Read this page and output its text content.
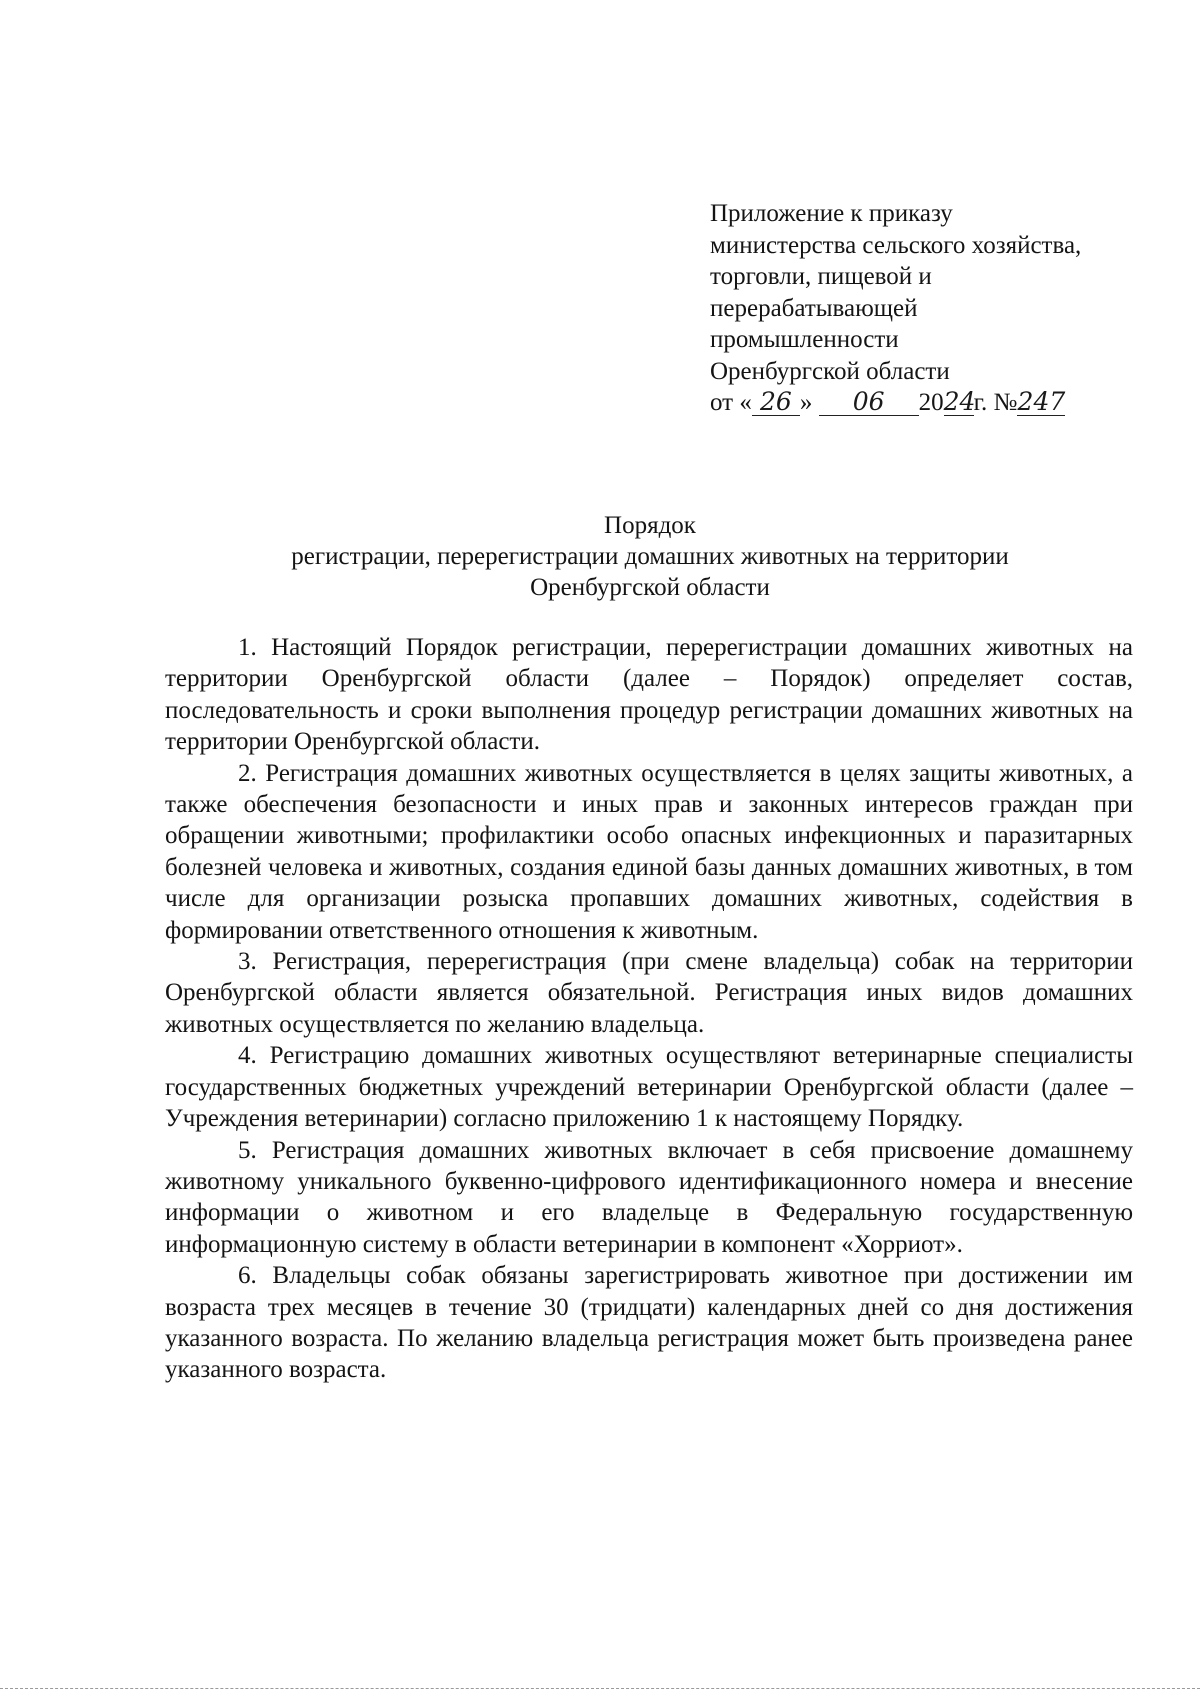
Приложение к приказу
министерства сельского хозяйства,
торговли, пищевой и
перерабатывающей
промышленности
Оренбургской области
от « 26 » 06 2024г. №247
Порядок
регистрации, перерегистрации домашних животных на территории
Оренбургской области

1. Настоящий Порядок регистрации, перерегистрации домашних животных на территории Оренбургской области (далее – Порядок) определяет состав, последовательность и сроки выполнения процедур регистрации домашних животных на территории Оренбургской области.

2. Регистрация домашних животных осуществляется в целях защиты животных, а также обеспечения безопасности и иных прав и законных интересов граждан при обращении животными; профилактики особо опасных инфекционных и паразитарных болезней человека и животных, создания единой базы данных домашних животных, в том числе для организации розыска пропавших домашних животных, содействия в формировании ответственного отношения к животным.

3. Регистрация, перерегистрация (при смене владельца) собак на территории Оренбургской области является обязательной. Регистрация иных видов домашних животных осуществляется по желанию владельца.

4. Регистрацию домашних животных осуществляют ветеринарные специалисты государственных бюджетных учреждений ветеринарии Оренбургской области (далее – Учреждения ветеринарии) согласно приложению 1 к настоящему Порядку.

5. Регистрация домашних животных включает в себя присвоение домашнему животному уникального буквенно-цифрового идентификационного номера и внесение информации о животном и его владельце в Федеральную государственную информационную систему в области ветеринарии в компонент «Хорриот».

6. Владельцы собак обязаны зарегистрировать животное при достижении им возраста трех месяцев в течение 30 (тридцати) календарных дней со дня достижения указанного возраста. По желанию владельца регистрация может быть произведена ранее указанного возраста.
